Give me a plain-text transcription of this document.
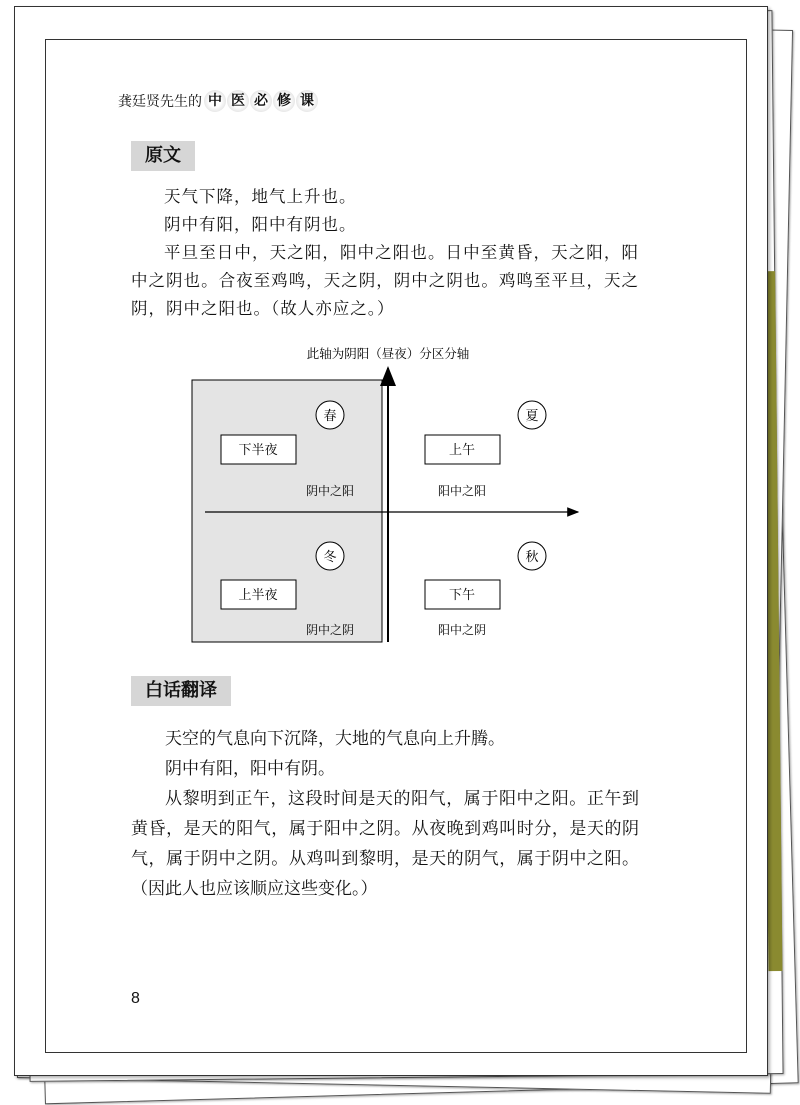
龚廷贤先生的 中 医 必 修 课
原文

天气下降，地气上升也。

阴中有阳，阳中有阴也。

平旦至日中，天之阳，阳中之阳也。日中至黄昏，天之阳，阳中之阴也。合夜至鸡鸣，天之阴，阴中之阴也。鸡鸣至平旦，天之阴，阴中之阳也。（故人亦应之。）

此轴为阴阳（昼夜）分区分轴
春
下半夜
阴中之阳
夏
上午
阳中之阳
冬
上半夜
阴中之阴
秋
下午
阳中之阴
白话翻译

天空的气息向下沉降，大地的气息向上升腾。

阴中有阳，阳中有阴。

从黎明到正午，这段时间是天的阳气，属于阳中之阳。正午到黄昏，是天的阳气，属于阳中之阴。从夜晚到鸡叫时分，是天的阴气，属于阴中之阴。从鸡叫到黎明，是天的阴气，属于阴中之阳。（因此人也应该顺应这些变化。）

8
